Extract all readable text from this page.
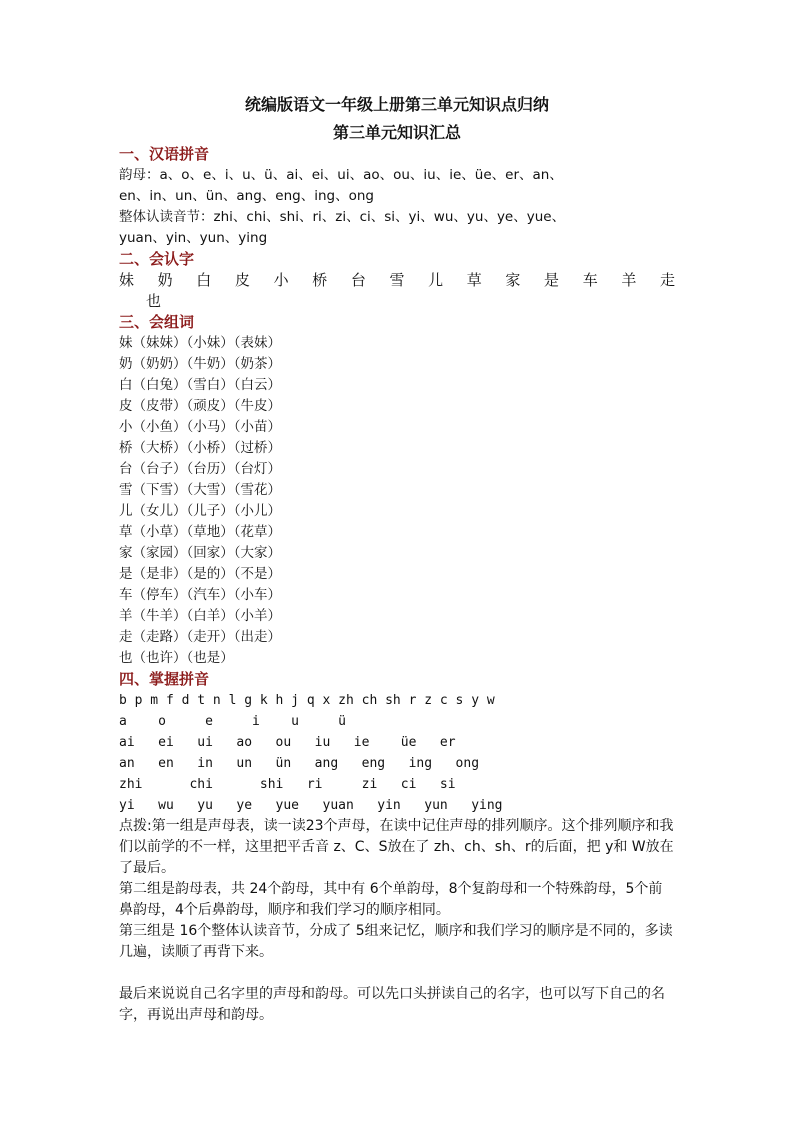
统编版语文一年级上册第三单元知识点归纳

第三单元知识汇总

一、汉语拼音

韵母：a、o、e、i、u、ü、ai、ei、ui、ao、ou、iu、ie、üe、er、an、

en、in、un、ün、ang、eng、ing、ong

整体认读音节：zhi、chi、shi、ri、zi、ci、si、yi、wu、yu、ye、yue、

yuan、yin、yun、ying

二、会认字

妹 奶 白 皮 小 桥 台 雪 儿 草 家 是 车 羊 走

也

三、会组词

妹（妹妹）（小妹）（表妹）

奶（奶奶）（牛奶）（奶茶）

白（白兔）（雪白）（白云）

皮（皮带）（顽皮）（牛皮）

小（小鱼）（小马）（小苗）

桥（大桥）（小桥）（过桥）

台（台子）（台历）（台灯）

雪（下雪）（大雪）（雪花）

儿（女儿）（儿子）（小儿）

草（小草）（草地）（花草）

家（家园）（回家）（大家）

是（是非）（是的）（不是）

车（停车）（汽车）（小车）

羊（牛羊）（白羊）（小羊）

走（走路）（走开）（出走）

也（也许）（也是）

四、掌握拼音

b p m f d t n l g k h j q x zh ch sh r z c s y w

a    o     e     i    u     ü

ai   ei   ui   ao   ou   iu   ie    üe   er

an   en   in   un   ün   ang   eng   ing   ong

zhi      chi      shi   ri     zi   ci   si

yi   wu   yu   ye   yue   yuan   yin   yun   ying

点拨:第一组是声母表，读一读23个声母，在读中记住声母的排列顺序。这个排列顺序和我们以前学的不一样，这里把平舌音 z、C、S放在了 zh、ch、sh、r的后面，把 y和 W放在了最后。

第二组是韵母表，共 24个韵母，其中有 6个单韵母，8个复韵母和一个特殊韵母，5个前鼻韵母，4个后鼻韵母，顺序和我们学习的顺序相同。

第三组是 16个整体认读音节，分成了 5组来记忆，顺序和我们学习的顺序是不同的，多读几遍，读顺了再背下来。

最后来说说自己名字里的声母和韵母。可以先口头拼读自己的名字，也可以写下自己的名字，再说出声母和韵母。
